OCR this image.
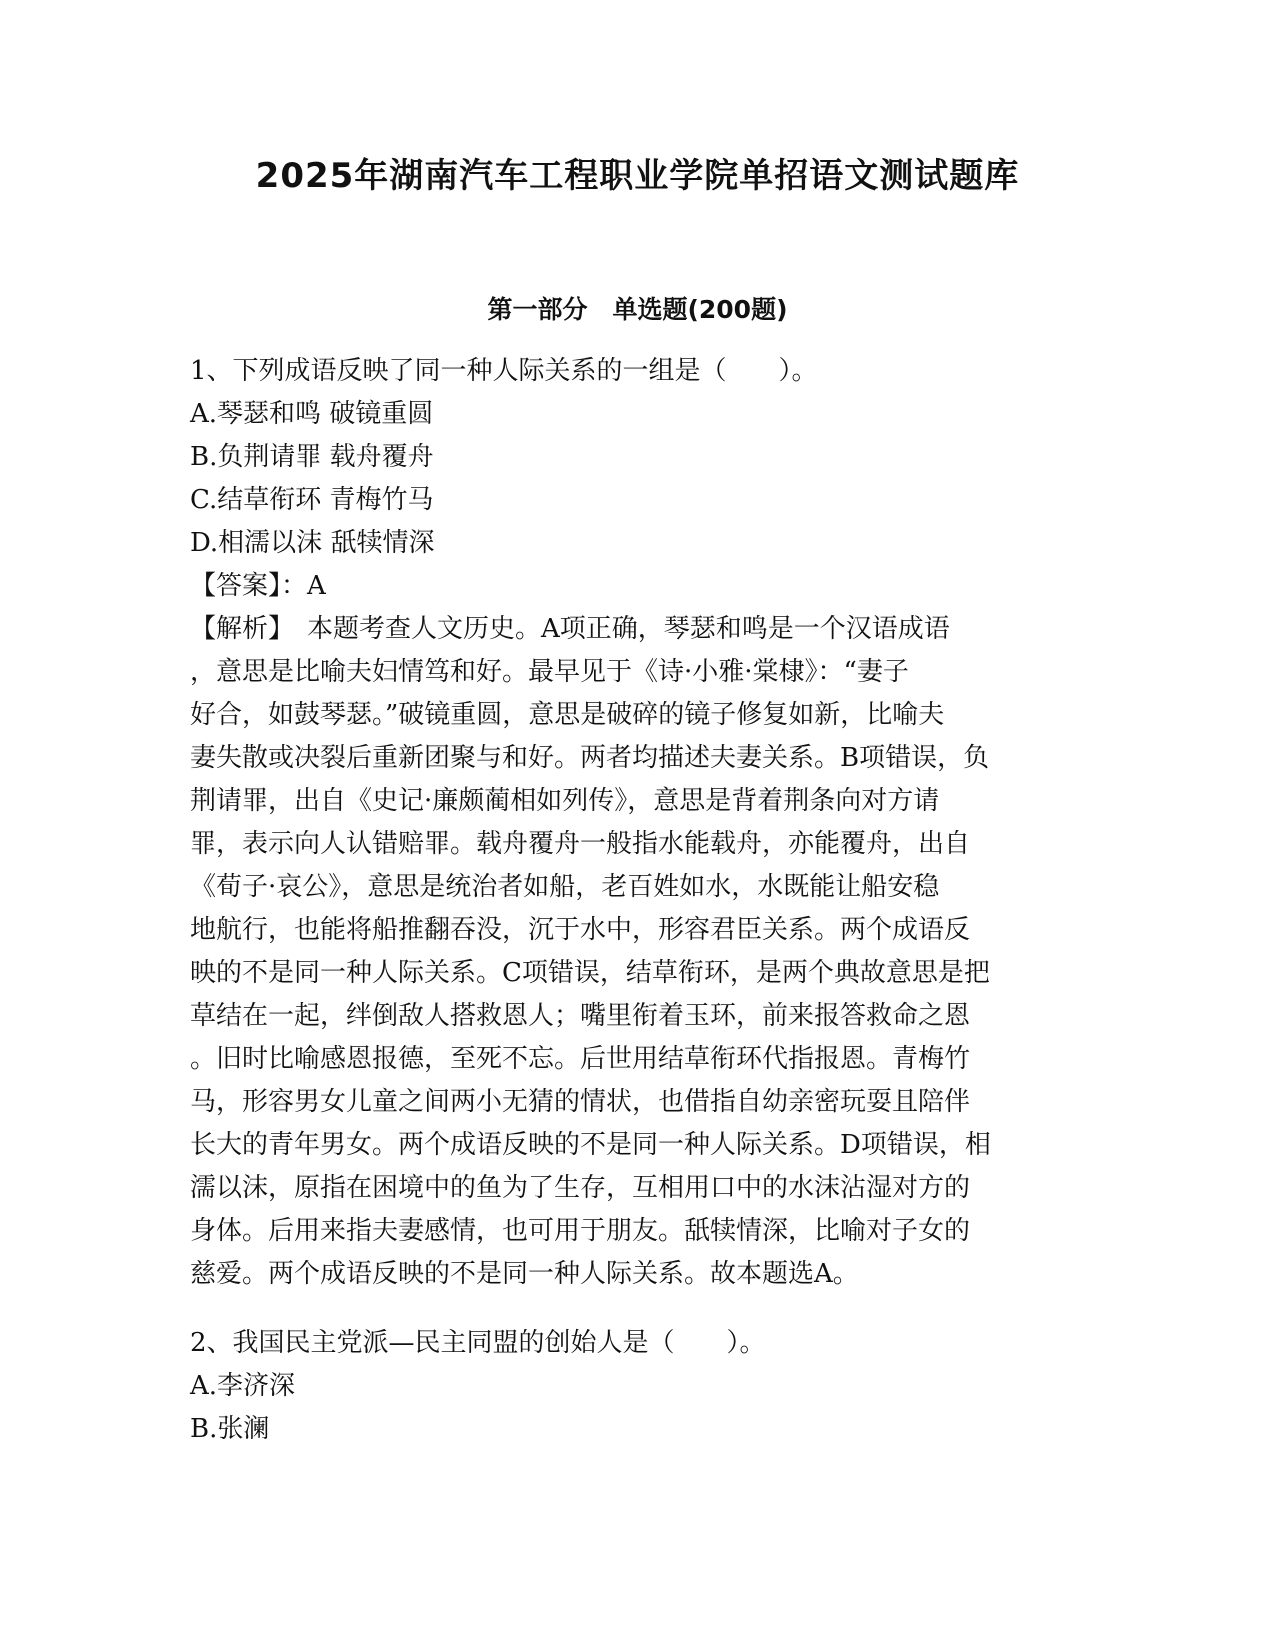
2025年湖南汽车工程职业学院单招语文测试题库
第一部分　单选题(200题)
1、下列成语反映了同一种人际关系的一组是（　　）。
A.琴瑟和鸣 破镜重圆
B.负荆请罪 载舟覆舟
C.结草衔环 青梅竹马
D.相濡以沫 舐犊情深
【答案】：A
【解析】　本题考查人文历史。A项正确，琴瑟和鸣是一个汉语成语
，意思是比喻夫妇情笃和好。最早见于《诗·小雅·棠棣》：“妻子
好合，如鼓琴瑟。”破镜重圆，意思是破碎的镜子修复如新，比喻夫
妻失散或决裂后重新团聚与和好。两者均描述夫妻关系。B项错误，负
荆请罪，出自《史记·廉颇蔺相如列传》，意思是背着荆条向对方请
罪，表示向人认错赔罪。载舟覆舟一般指水能载舟，亦能覆舟，出自
《荀子·哀公》，意思是统治者如船，老百姓如水，水既能让船安稳
地航行，也能将船推翻吞没，沉于水中，形容君臣关系。两个成语反
映的不是同一种人际关系。C项错误，结草衔环，是两个典故意思是把
草结在一起，绊倒敌人搭救恩人；嘴里衔着玉环，前来报答救命之恩
。旧时比喻感恩报德，至死不忘。后世用结草衔环代指报恩。青梅竹
马，形容男女儿童之间两小无猜的情状，也借指自幼亲密玩耍且陪伴
长大的青年男女。两个成语反映的不是同一种人际关系。D项错误，相
濡以沫，原指在困境中的鱼为了生存，互相用口中的水沫沾湿对方的
身体。后用来指夫妻感情，也可用于朋友。舐犊情深，比喻对子女的
慈爱。两个成语反映的不是同一种人际关系。故本题选A。
2、我国民主党派—民主同盟的创始人是（　　）。
A.李济深
B.张澜
